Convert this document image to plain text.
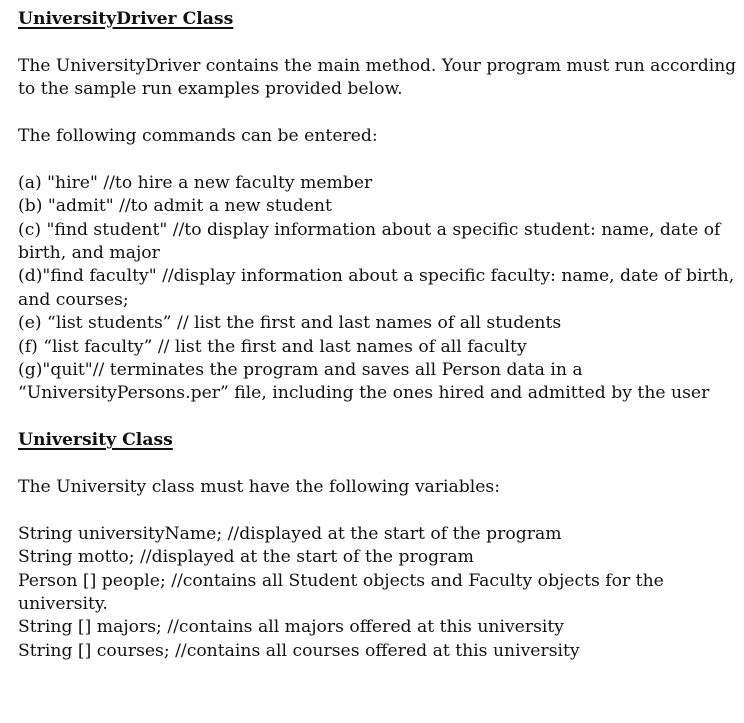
UniversityDriver Class

The UniversityDriver contains the main method. Your program must run according
to the sample run examples provided below.

The following commands can be entered:

(a) "hire" //to hire a new faculty member
(b) "admit" //to admit a new student
(c) "find student" //to display information about a specific student: name, date of
birth, and major
(d)"find faculty" //display information about a specific faculty: name, date of birth,
and courses;
(e) “list students” // list the first and last names of all students
(f) “list faculty” // list the first and last names of all faculty
(g)"quit"// terminates the program and saves all Person data in a
“UniversityPersons.per” file, including the ones hired and admitted by the user

University Class

The University class must have the following variables:

String universityName; //displayed at the start of the program
String motto; //displayed at the start of the program
Person [] people; //contains all Student objects and Faculty objects for the
university.
String [] majors; //contains all majors offered at this university
String [] courses; //contains all courses offered at this university
